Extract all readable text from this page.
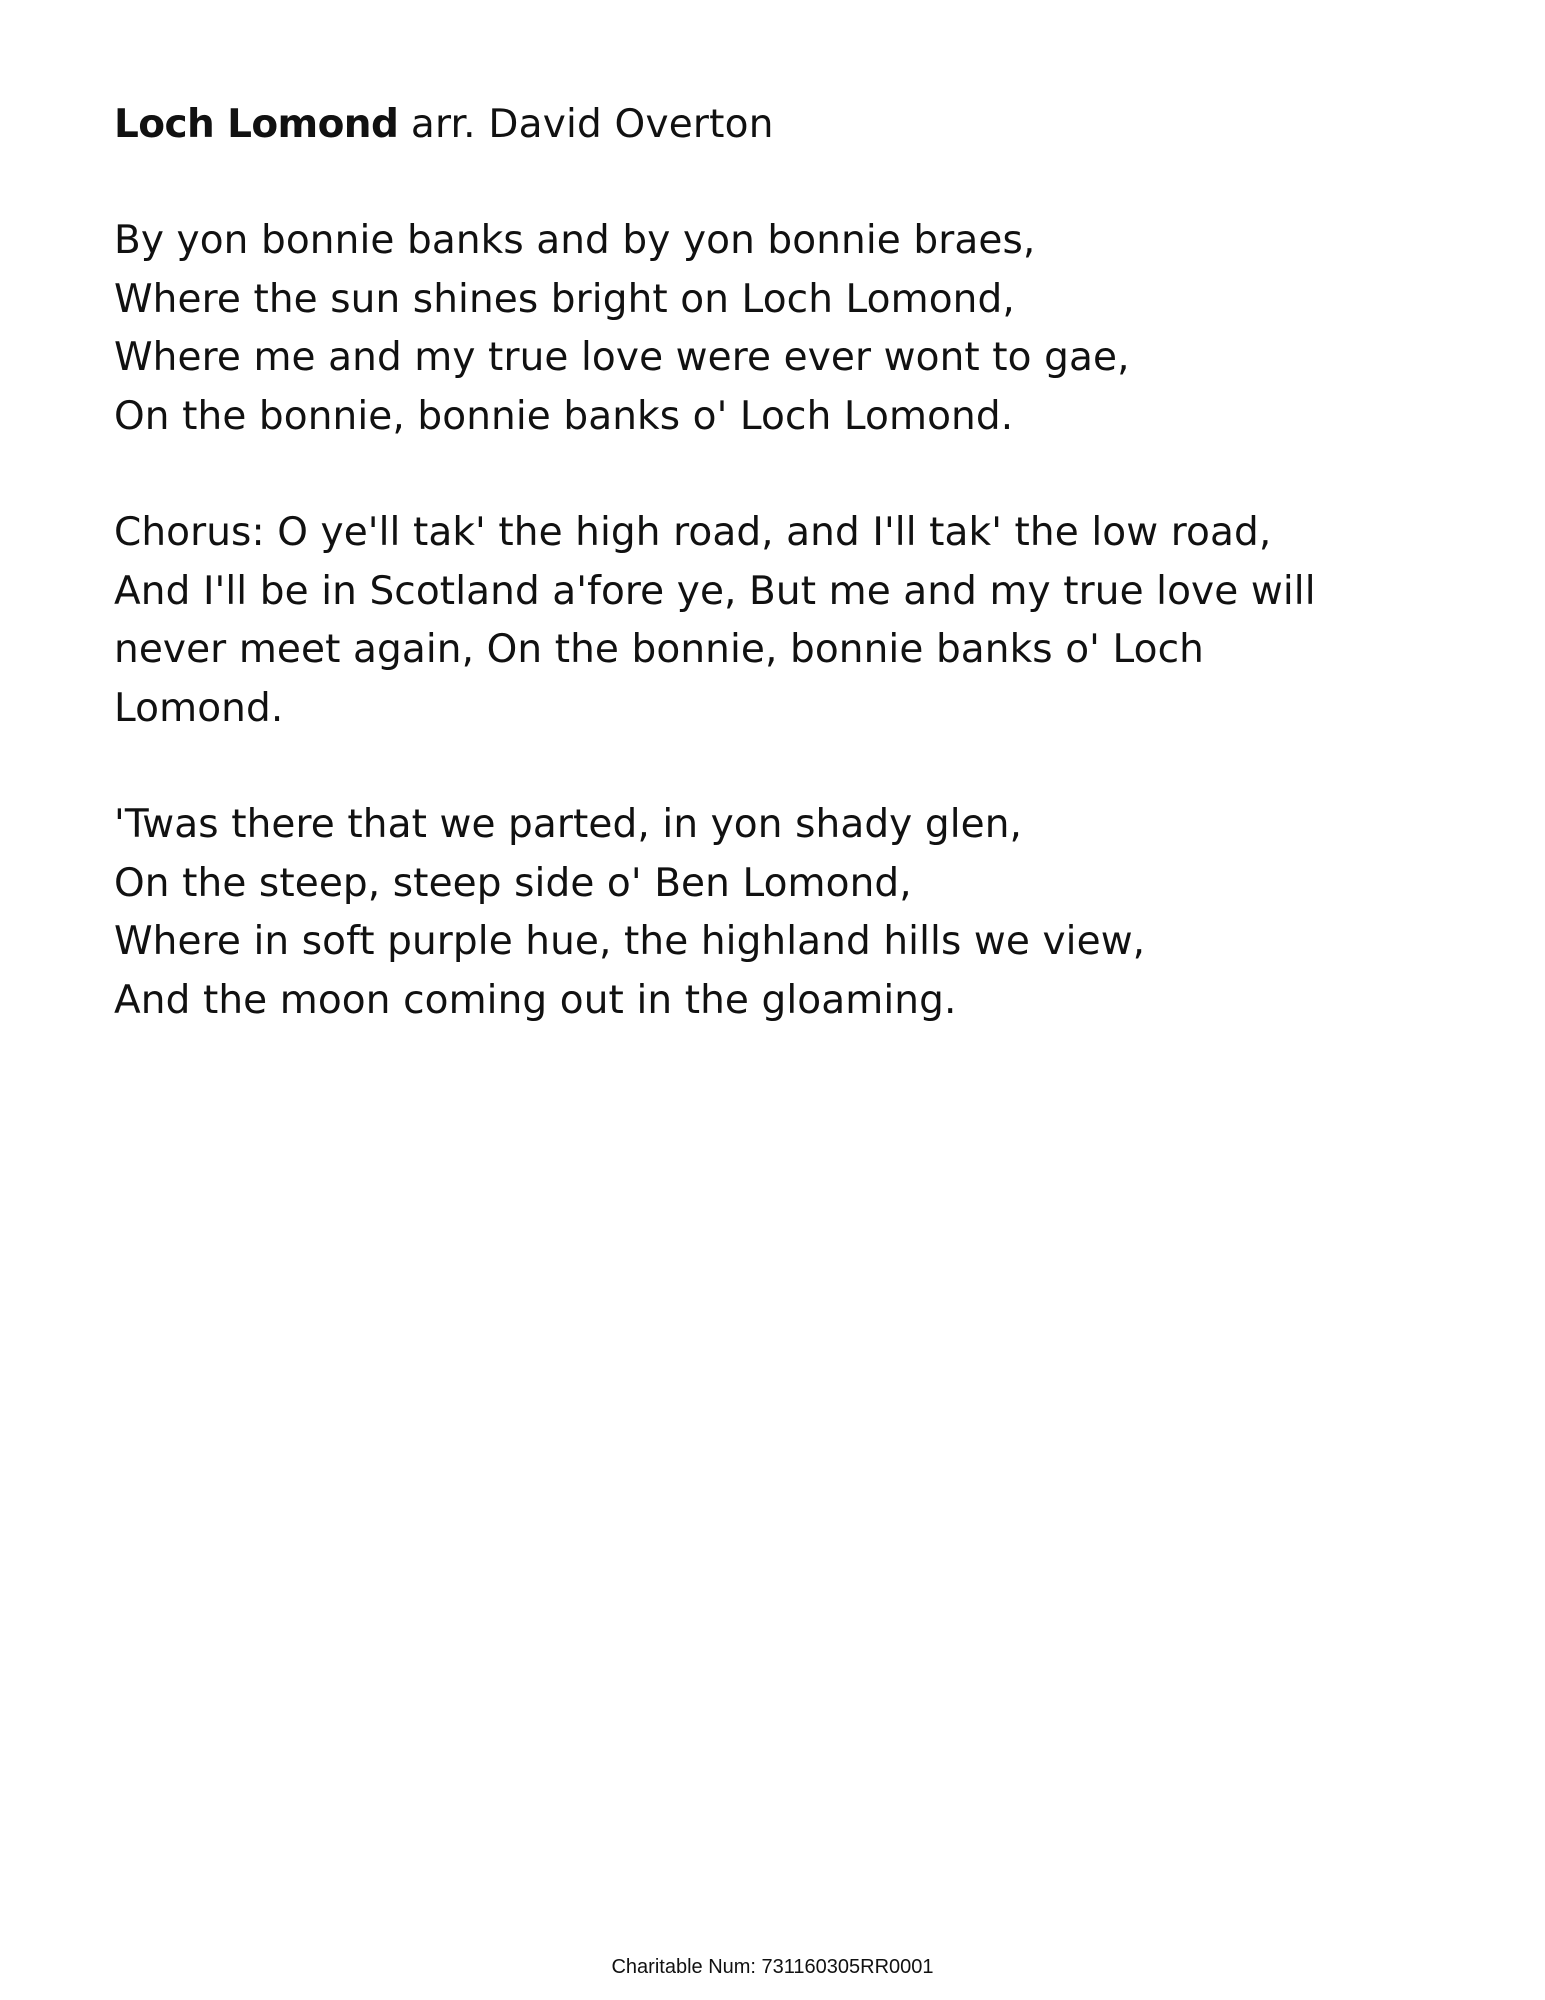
Loch Lomond arr. David Overton
By yon bonnie banks and by yon bonnie braes,
Where the sun shines bright on Loch Lomond,
Where me and my true love were ever wont to gae,
On the bonnie, bonnie banks o' Loch Lomond.
Chorus: O ye'll tak' the high road, and I'll tak' the low road, And I'll be in Scotland a'fore ye, But me and my true love will never meet again, On the bonnie, bonnie banks o' Loch Lomond.
'Twas there that we parted, in yon shady glen,
On the steep, steep side o' Ben Lomond,
Where in soft purple hue, the highland hills we view,
And the moon coming out in the gloaming.
Charitable Num: 731160305RR0001
